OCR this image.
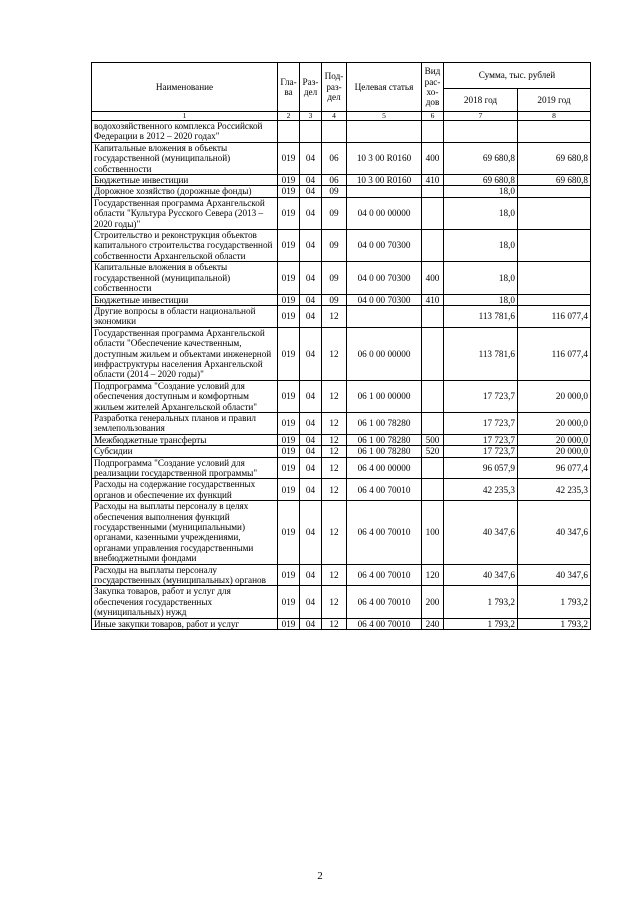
Наименование	Гла-ва	Раз-дел	Под-раз-дел	Целевая статья	Вид рас-хо-дов	Сумма, тыс. рублей	
						2018 год	2019 год
1	2	3	4	5	6	7	8
водохозяйственного комплекса Российской Федерации в 2012 – 2020 годах"							
Капитальные вложения в объекты государственной (муниципальной) собственности	019	04	06	10 3 00 R0160	400	69 680,8	69 680,8
Бюджетные инвестиции	019	04	06	10 3 00 R0160	410	69 680,8	69 680,8
Дорожное хозяйство (дорожные фонды)	019	04	09			18,0	
Государственная программа Архангельской области "Культура Русского Севера (2013 – 2020 годы)"	019	04	09	04 0 00 00000		18,0	
Строительство и реконструкция объектов капитального строительства государственной собственности Архангельской области	019	04	09	04 0 00 70300		18,0	
Капитальные вложения в объекты государственной (муниципальной) собственности	019	04	09	04 0 00 70300	400	18,0	
Бюджетные инвестиции	019	04	09	04 0 00 70300	410	18,0	
Другие вопросы в области национальной экономики	019	04	12			113 781,6	116 077,4
Государственная программа Архангельской области "Обеспечение качественным, доступным жильем и объектами инженерной инфраструктуры населения Архангельской области (2014 – 2020 годы)"	019	04	12	06 0 00 00000		113 781,6	116 077,4
Подпрограмма "Создание условий для обеспечения доступным и комфортным жильем жителей Архангельской области"	019	04	12	06 1 00 00000		17 723,7	20 000,0
Разработка генеральных планов и правил землепользования	019	04	12	06 1 00 78280		17 723,7	20 000,0
Межбюджетные трансферты	019	04	12	06 1 00 78280	500	17 723,7	20 000,0
Субсидии	019	04	12	06 1 00 78280	520	17 723,7	20 000,0
Подпрограмма "Создание условий для реализации государственной программы"	019	04	12	06 4 00 00000		96 057,9	96 077,4
Расходы на содержание государственных органов и обеспечение их функций	019	04	12	06 4 00 70010		42 235,3	42 235,3
Расходы на выплаты персоналу в целях обеспечения выполнения функций государственными (муниципальными) органами, казенными учреждениями, органами управления государственными внебюджетными фондами	019	04	12	06 4 00 70010	100	40 347,6	40 347,6
Расходы на выплаты персоналу государственных (муниципальных) органов	019	04	12	06 4 00 70010	120	40 347,6	40 347,6
Закупка товаров, работ и услуг для обеспечения государственных (муниципальных) нужд	019	04	12	06 4 00 70010	200	1 793,2	1 793,2
Иные закупки товаров, работ и услуг	019	04	12	06 4 00 70010	240	1 793,2	1 793,2
2
